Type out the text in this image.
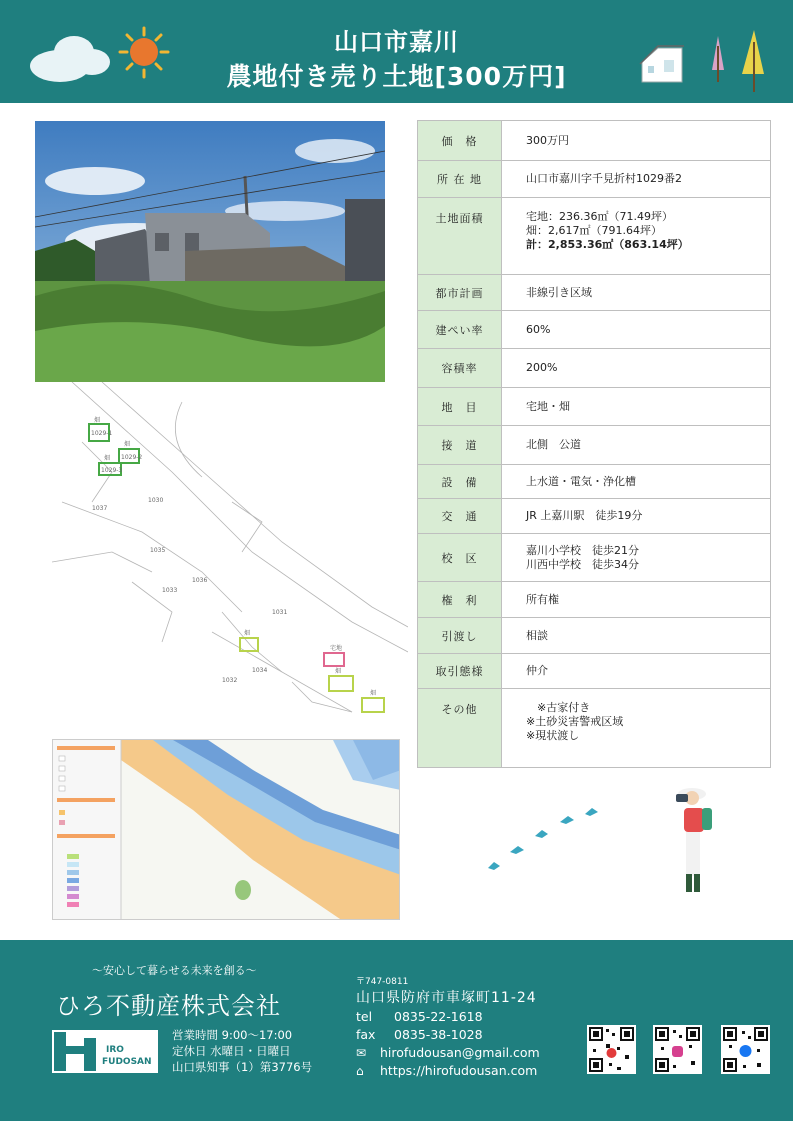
山口市嘉川
農地付き売り土地[300万円]
価　格	300万円
所 在 地	山口市嘉川字千見折村1029番2
土地面積	宅地：236.36㎡（71.49坪）
畑：2,617㎡（791.64坪）
計：2,853.36㎡（863.14坪）

都市計画	非線引き区域
建ぺい率	60%
容積率	200%
地　目	宅地・畑
接　道	北側　公道
設　備	上水道・電気・浄化槽
交　通	JR 上嘉川駅　徒歩19分
校　区	嘉川小学校　徒歩21分
川西中学校　徒歩34分

権　利	所有権
引渡し	相談
取引態様	仲介
その他	　※古家付き
※土砂災害警戒区域
※現状渡し
1029-1
1029-2
1029-3
1030
1031
1032
1033
1034
1035
1036
1037
畑
畑
畑
宅地
畑
畑
畑
～安心して暮らせる未来を創る～
ひろ不動産株式会社
IRO
FUDOSAN
営業時間 9:00～17:00
定休日 水曜日・日曜日
山口県知事（1）第3776号
〒747-0811
山口県防府市車塚町11-24
tel	0835-22-1618
fax	0835-38-1028
✉	hirofudousan@gmail.com
⌂	https://hirofudousan.com
